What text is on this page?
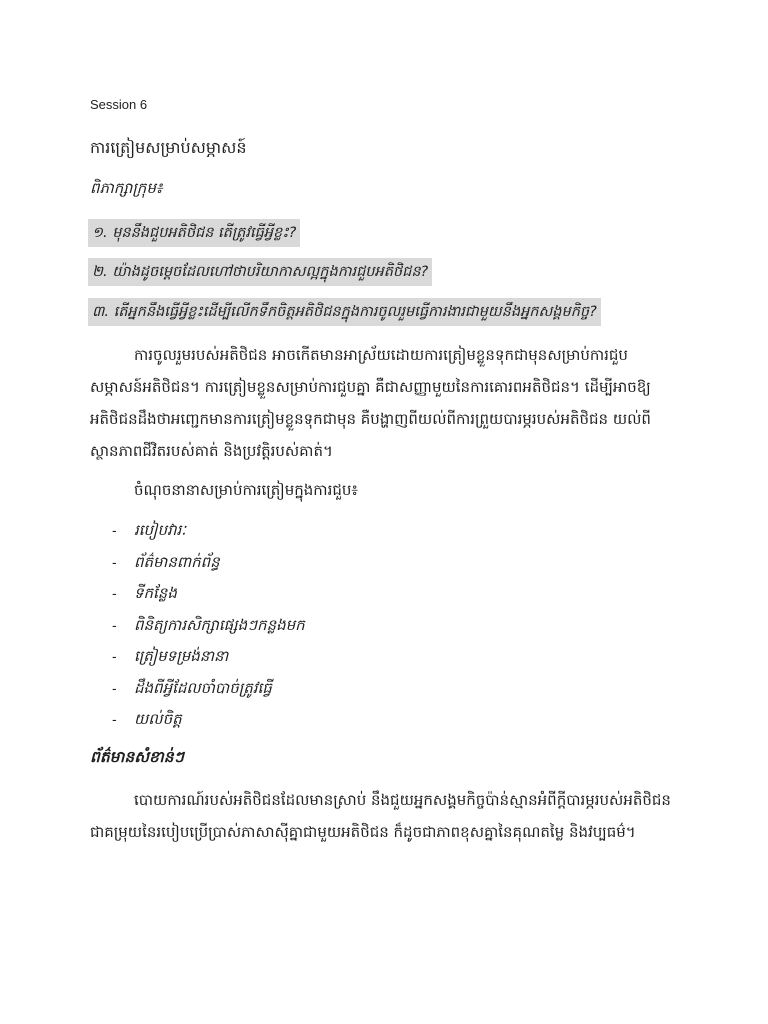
Session 6
ការត្រៀមសម្រាប់សម្ភាសន៍
ពិភាក្សាក្រុម៖
១. មុននឹងជួបអតិថិជន តើត្រូវធ្វើអ្វីខ្លះ?
២. យ៉ាងដូចម្តេចដែលហៅថាបរិយាកាសល្អក្នុងការជួបអតិថិជន?
៣. តើអ្នកនឹងធ្វើអ្វីខ្លះដើម្បីលើកទឹកចិត្តអតិថិជនក្នុងការចូលរួមធ្វើការងារជាមួយនឹងអ្នកសង្គមកិច្ច?

ការចូលរួមរបស់អតិថិជន អាចកើតមានអាស្រ័យដោយការត្រៀមខ្លួនទុកជាមុនសម្រាប់ការជួបសម្ភាសន៍អតិថិជន។ ការត្រៀមខ្លួនសម្រាប់ការជួបគ្នា គឺជាសញ្ញាមួយនៃការគោរពអតិថិជន។ ដើម្បីអាចឱ្យអតិថិជនដឹងថាអញ្ជេកមានការត្រៀមខ្លួនទុកជាមុន គឺបង្ហាញពីយល់ពីការព្រួយបារម្ភរបស់អតិថិជន យល់ពីស្ថានភាពជីវិតរបស់គាត់ និងប្រវត្តិរបស់គាត់។

ចំណុចនានាសម្រាប់ការត្រៀមក្នុងការជួប៖
-	របៀបវារៈ
-	ព័ត៌មានពាក់ព័ន្ធ
-	ទីកន្លែង
-	ពិនិត្យការសិក្សាផ្សេងៗកន្លងមក
-	ត្រៀមទម្រង់នានា
-	ដឹងពីអ្វីដែលចាំបាច់ត្រូវធ្វើ
-	យល់ចិត្ត
ព័ត៌មានសំខាន់ៗ

បោយការណ៍របស់អតិថិជនដែលមានស្រាប់ នឹងជួយអ្នកសង្គមកិច្ចប៉ាន់ស្មានអំពីក្តីបារម្ភរបស់អតិថិជន ជាគម្រុយនៃរបៀបប្រើប្រាស់ភាសាស៊ីគ្នាជាមួយអតិថិជន ក៏ដូចជាភាពខុសគ្នានៃគុណតម្លៃ និងវប្បធម៌។
